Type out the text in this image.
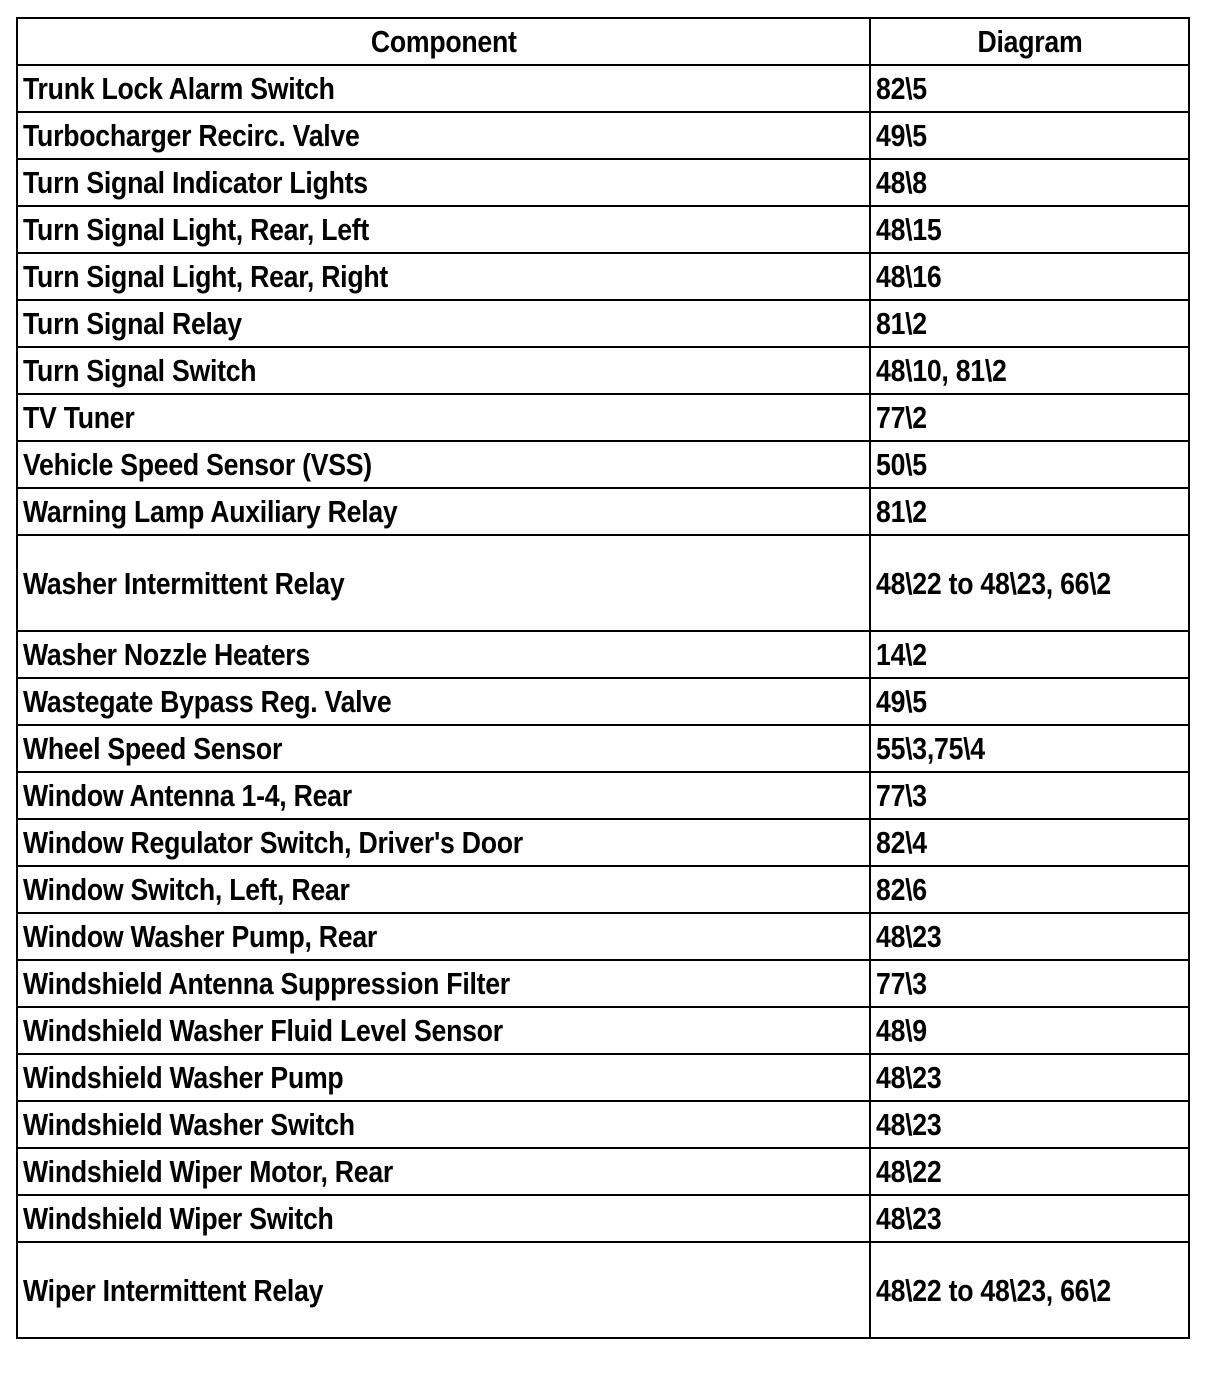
Component	Diagram
Trunk Lock Alarm Switch	82\5
Turbocharger Recirc. Valve	49\5
Turn Signal Indicator Lights	48\8
Turn Signal Light, Rear, Left	48\15
Turn Signal Light, Rear, Right	48\16
Turn Signal Relay	81\2
Turn Signal Switch	48\10, 81\2
TV Tuner	77\2
Vehicle Speed Sensor (VSS)	50\5
Warning Lamp Auxiliary Relay	81\2
Washer Intermittent Relay	48\22 to 48\23, 66\2
Washer Nozzle Heaters	14\2
Wastegate Bypass Reg. Valve	49\5
Wheel Speed Sensor	55\3,75\4
Window Antenna 1-4, Rear	77\3
Window Regulator Switch, Driver's Door	82\4
Window Switch, Left, Rear	82\6
Window Washer Pump, Rear	48\23
Windshield Antenna Suppression Filter	77\3
Windshield Washer Fluid Level Sensor	48\9
Windshield Washer Pump	48\23
Windshield Washer Switch	48\23
Windshield Wiper Motor, Rear	48\22
Windshield Wiper Switch	48\23
Wiper Intermittent Relay	48\22 to 48\23, 66\2
